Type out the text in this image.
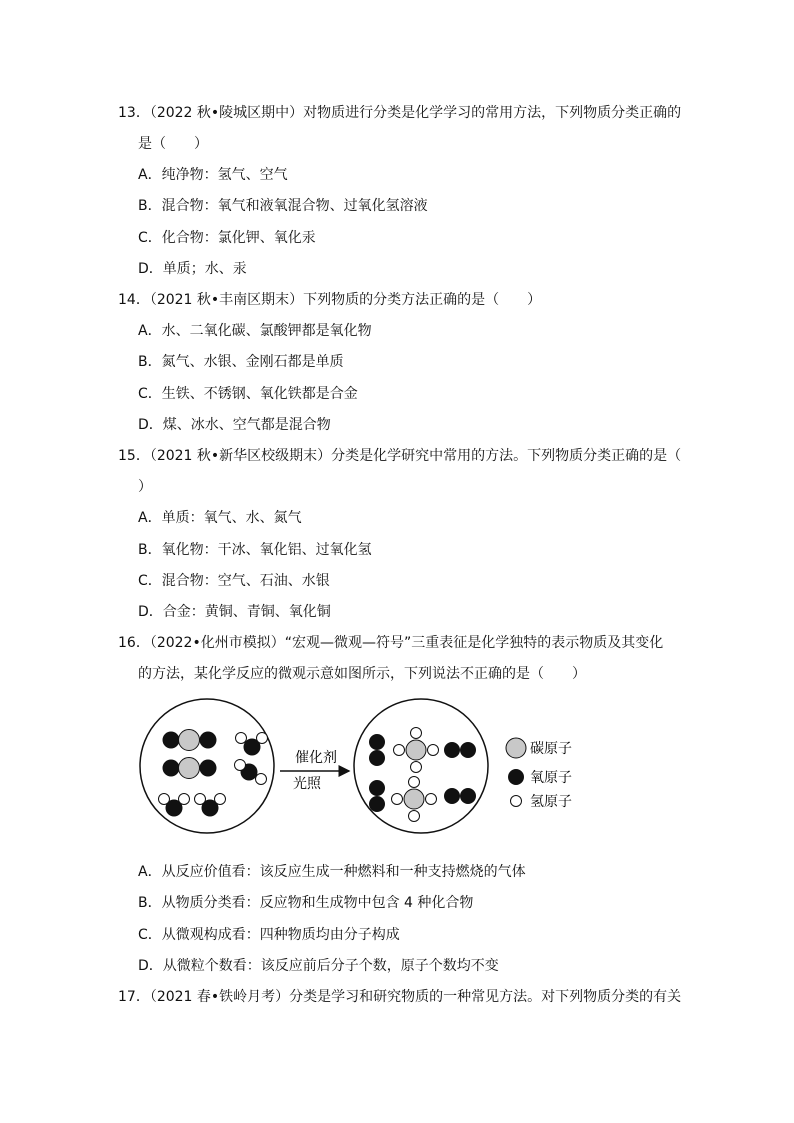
13．（2022 秋•陵城区期中）对物质进行分类是化学学习的常用方法，下列物质分类正确的
是（　　）
A．纯净物：氢气、空气
B．混合物：氧气和液氧混合物、过氧化氢溶液
C．化合物：氯化钾、氧化汞
D．单质；水、汞
14．（2021 秋•丰南区期末）下列物质的分类方法正确的是（　　）
A．水、二氧化碳、氯酸钾都是氧化物
B．氮气、水银、金刚石都是单质
C．生铁、不锈钢、氧化铁都是合金
D．煤、冰水、空气都是混合物
15．（2021 秋•新华区校级期末）分类是化学研究中常用的方法。下列物质分类正确的是（
）
A．单质：氧气、水、氮气
B．氧化物：干冰、氧化铝、过氧化氢
C．混合物：空气、石油、水银
D．合金：黄铜、青铜、氧化铜
16．（2022•化州市模拟）“宏观—微观—符号”三重表征是化学独特的表示物质及其变化
的方法，某化学反应的微观示意如图所示，下列说法不正确的是（　　）
催化剂
光照
碳原子
氧原子
氢原子
A．从反应价值看：该反应生成一种燃料和一种支持燃烧的气体
B．从物质分类看：反应物和生成物中包含 4 种化合物
C．从微观构成看：四种物质均由分子构成
D．从微粒个数看：该反应前后分子个数，原子个数均不变
17．（2021 春•铁岭月考）分类是学习和研究物质的一种常见方法。对下列物质分类的有关
